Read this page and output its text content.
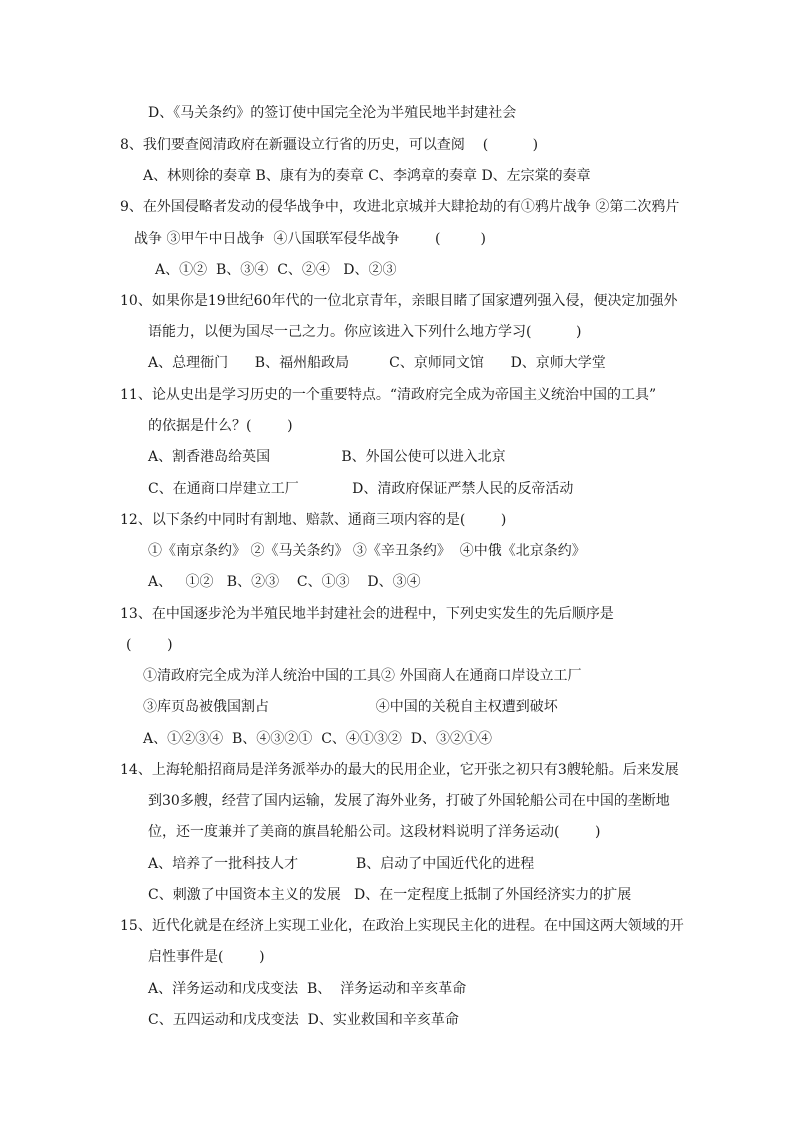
D、《马关条约》的签订使中国完全沦为半殖民地半封建社会
8、我们要查阅清政府在新疆设立行省的历史，可以查阅    (          )
A、林则徐的奏章 B、康有为的奏章 C、李鸿章的奏章 D、左宗棠的奏章
9、在外国侵略者发动的侵华战争中，攻进北京城并大肆抢劫的有①鸦片战争 ②第二次鸦片
战争 ③甲午中日战争  ④八国联军侵华战争        (         )
A、①②  B、③④  C、②④   D、②③
10、如果你是19世纪60年代的一位北京青年，亲眼目睹了国家遭列强入侵，便决定加强外
语能力，以便为国尽一己之力。你应该进入下列什么地方学习(          )
A、总理衙门      B、福州船政局         C、京师同文馆      D、京师大学堂
11、论从史出是学习历史的一个重要特点。“清政府完全成为帝国主义统治中国的工具”
的依据是什么？(        )
A、割香港岛给英国                B、外国公使可以进入北京
C、在通商口岸建立工厂            D、清政府保证严禁人民的反帝活动
12、以下条约中同时有割地、赔款、通商三项内容的是(        )
①《南京条约》 ②《马关条约》 ③《辛丑条约》  ④中俄《北京条约》
A、   ①②   B、②③    C、①③    D、③④
13、在中国逐步沦为半殖民地半封建社会的进程中，下列史实发生的先后顺序是
(        )
①清政府完全成为洋人统治中国的工具② 外国商人在通商口岸设立工厂
③库页岛被俄国割占                        ④中国的关税自主权遭到破坏
A、①②③④  B、④③②①  C、④①③②  D、③②①④
14、上海轮船招商局是洋务派举办的最大的民用企业，它开张之初只有3艘轮船。后来发展
到30多艘，经营了国内运输，发展了海外业务，打破了外国轮船公司在中国的垄断地
位，还一度兼并了美商的旗昌轮船公司。这段材料说明了洋务运动(        )
A、培养了一批科技人才             B、启动了中国近代化的进程
C、刺激了中国资本主义的发展   D、在一定程度上抵制了外国经济实力的扩展
15、近代化就是在经济上实现工业化，在政治上实现民主化的进程。在中国这两大领域的开
启性事件是(        )
A、洋务运动和戊戌变法  B、  洋务运动和辛亥革命
C、五四运动和戊戌变法  D、实业救国和辛亥革命
